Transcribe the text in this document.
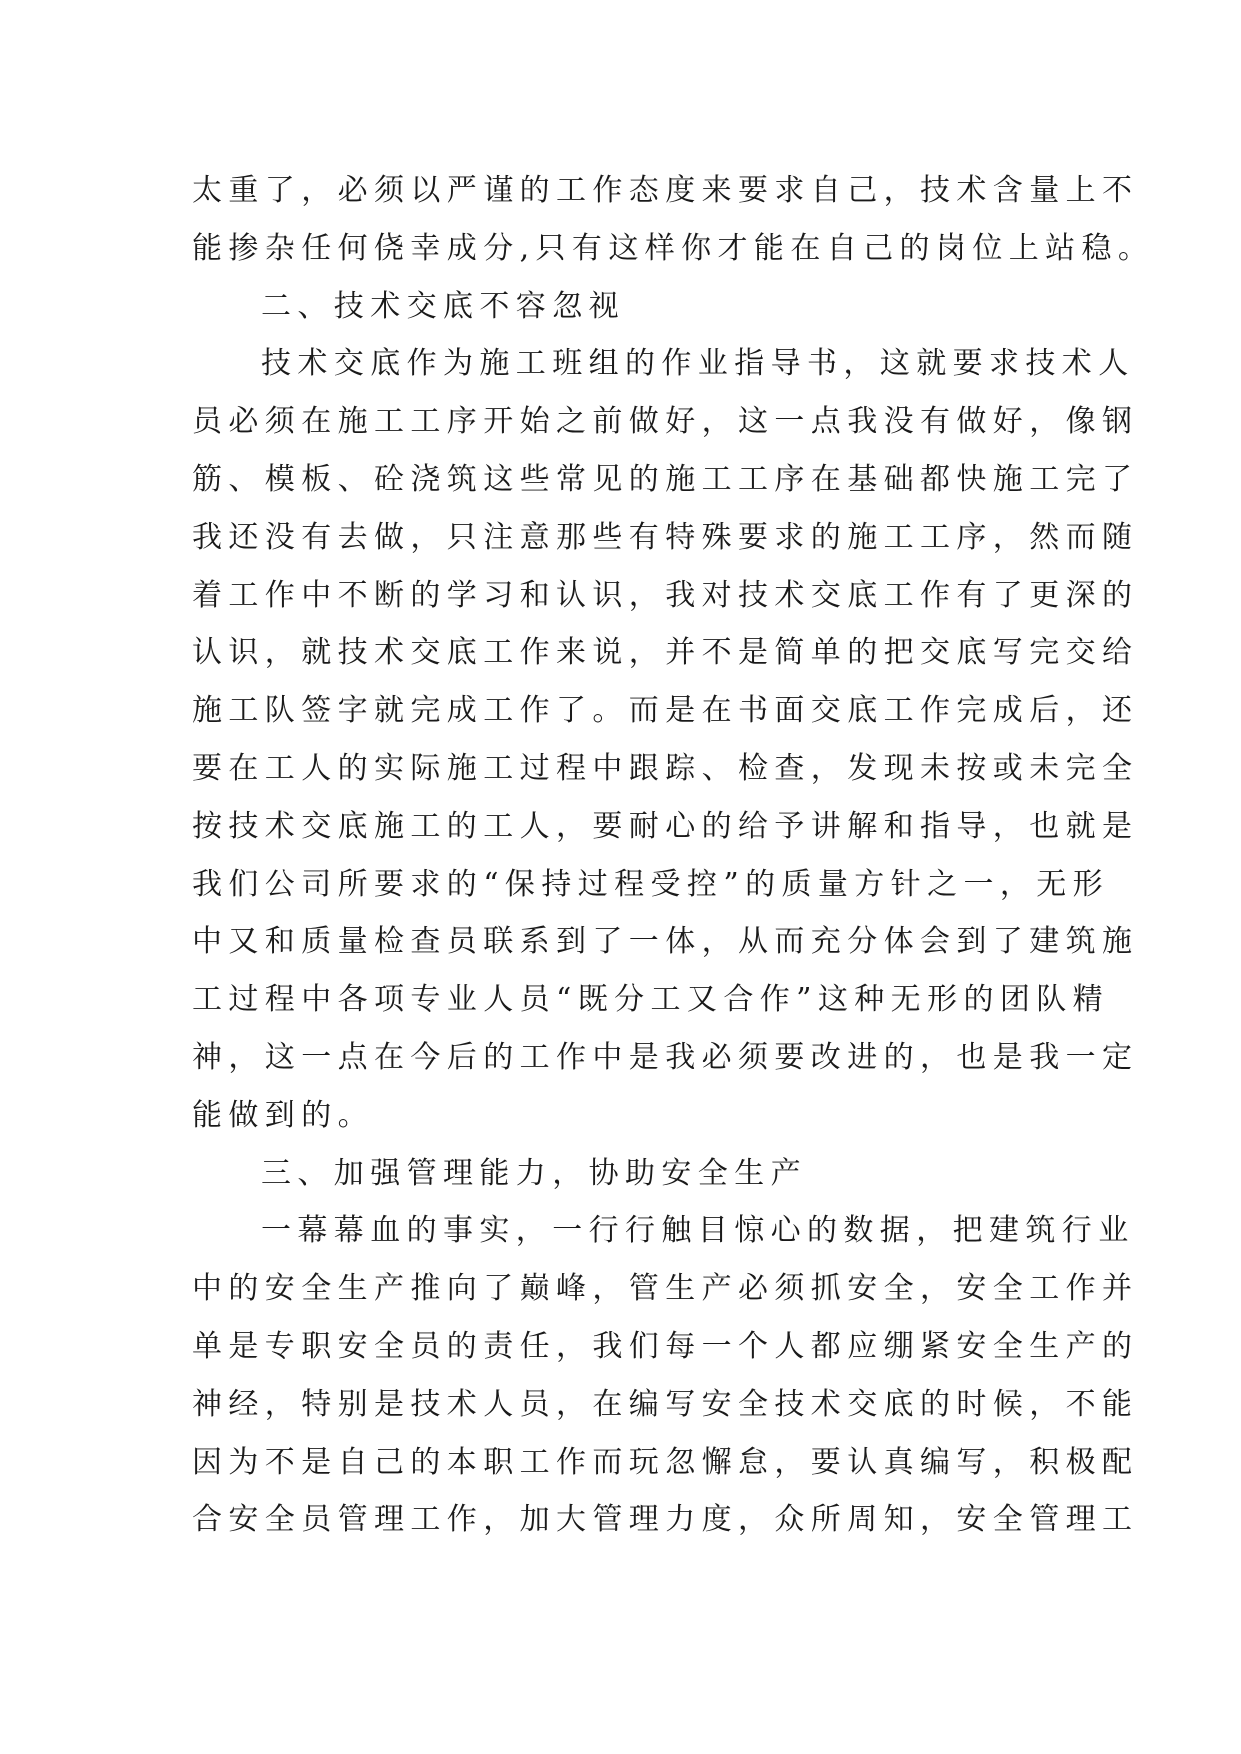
太重了，必须以严谨的工作态度来要求自己，技术含量上不
能掺杂任何侥幸成分,只有这样你才能在自己的岗位上站稳。
二、技术交底不容忽视
技术交底作为施工班组的作业指导书，这就要求技术人
员必须在施工工序开始之前做好，这一点我没有做好，像钢
筋、模板、砼浇筑这些常见的施工工序在基础都快施工完了
我还没有去做，只注意那些有特殊要求的施工工序，然而随
着工作中不断的学习和认识，我对技术交底工作有了更深的
认识，就技术交底工作来说，并不是简单的把交底写完交给
施工队签字就完成工作了。而是在书面交底工作完成后，还
要在工人的实际施工过程中跟踪、检查，发现未按或未完全
按技术交底施工的工人，要耐心的给予讲解和指导，也就是
我们公司所要求的“保持过程受控”的质量方针之一，无形
中又和质量检查员联系到了一体，从而充分体会到了建筑施
工过程中各项专业人员“既分工又合作”这种无形的团队精
神，这一点在今后的工作中是我必须要改进的，也是我一定
能做到的。
三、加强管理能力，协助安全生产
一幕幕血的事实，一行行触目惊心的数据，把建筑行业
中的安全生产推向了巅峰，管生产必须抓安全，安全工作并
单是专职安全员的责任，我们每一个人都应绷紧安全生产的
神经，特别是技术人员，在编写安全技术交底的时候，不能
因为不是自己的本职工作而玩忽懈怠，要认真编写，积极配
合安全员管理工作，加大管理力度，众所周知，安全管理工
